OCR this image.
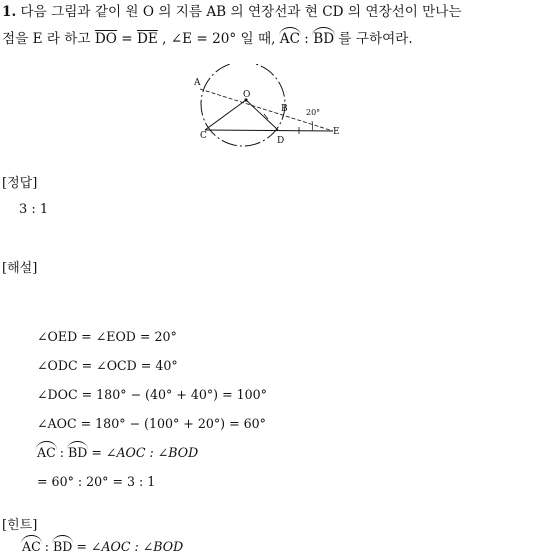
1. 다음 그림과 같이 원 O 의 지름 AB 의 연장선과 현 CD 의 연장선이 만나는
점을 E 라 하고 $\overline{DO} = \overline{DE}$ , ∠E = 20° 일 때, AC : BD 를 구하여라.
A
O
B
C	D
E
20°
[정답]
3 : 1
[해설]
∠OED = ∠EOD = 20°
∠ODC = ∠OCD = 40°
∠DOC = 180° − (40° + 40°) = 100°
∠AOC = 180° − (100° + 20°) = 60°
AC : BD = ∠AOC : ∠BOD
= 60° : 20° = 3 : 1
[힌트]
AC : BD = ∠AOC : ∠BOD
